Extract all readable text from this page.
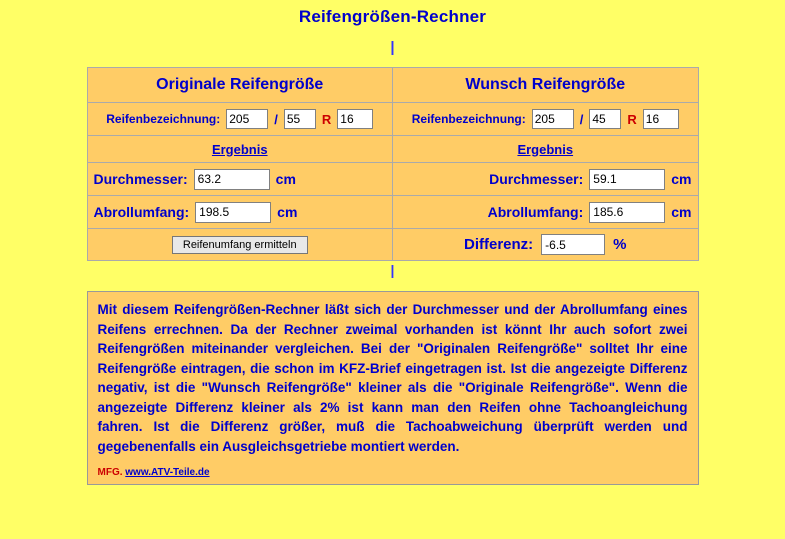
Reifengrößen-Rechner
|
Originale Reifengröße	Wunsch Reifengröße

Reifenbezeichnung:
205 /
55 R
16	Reifenbezeichnung:
205 /
45 R
16

Ergebnis	Ergebnis

Durchmesser:
63.2 cm	Durchmesser:
59.1 cm

Abrollumfang:
198.5 cm	Abrollumfang:
185.6 cm

Reifenumfang ermitteln	Differenz:
-6.5 %
|

Mit diesem Reifengrößen-Rechner läßt sich der Durchmesser und der Abrollumfang eines Reifens errechnen. Da der Rechner zweimal vorhanden ist könnt Ihr auch sofort zwei Reifengrößen miteinander vergleichen. Bei der "Originalen Reifengröße" solltet Ihr eine Reifengröße eintragen, die schon im KFZ-Brief eingetragen ist. Ist die angezeigte Differenz negativ, ist die "Wunsch Reifengröße" kleiner als die "Originale Reifengröße". Wenn die angezeigte Differenz kleiner als 2% ist kann man den Reifen ohne Tachoangleichung fahren. Ist die Differenz größer, muß die Tachoabweichung überprüft werden und gegebenenfalls ein Ausgleichsgetriebe montiert werden.

MFG. www.ATV-Teile.de
